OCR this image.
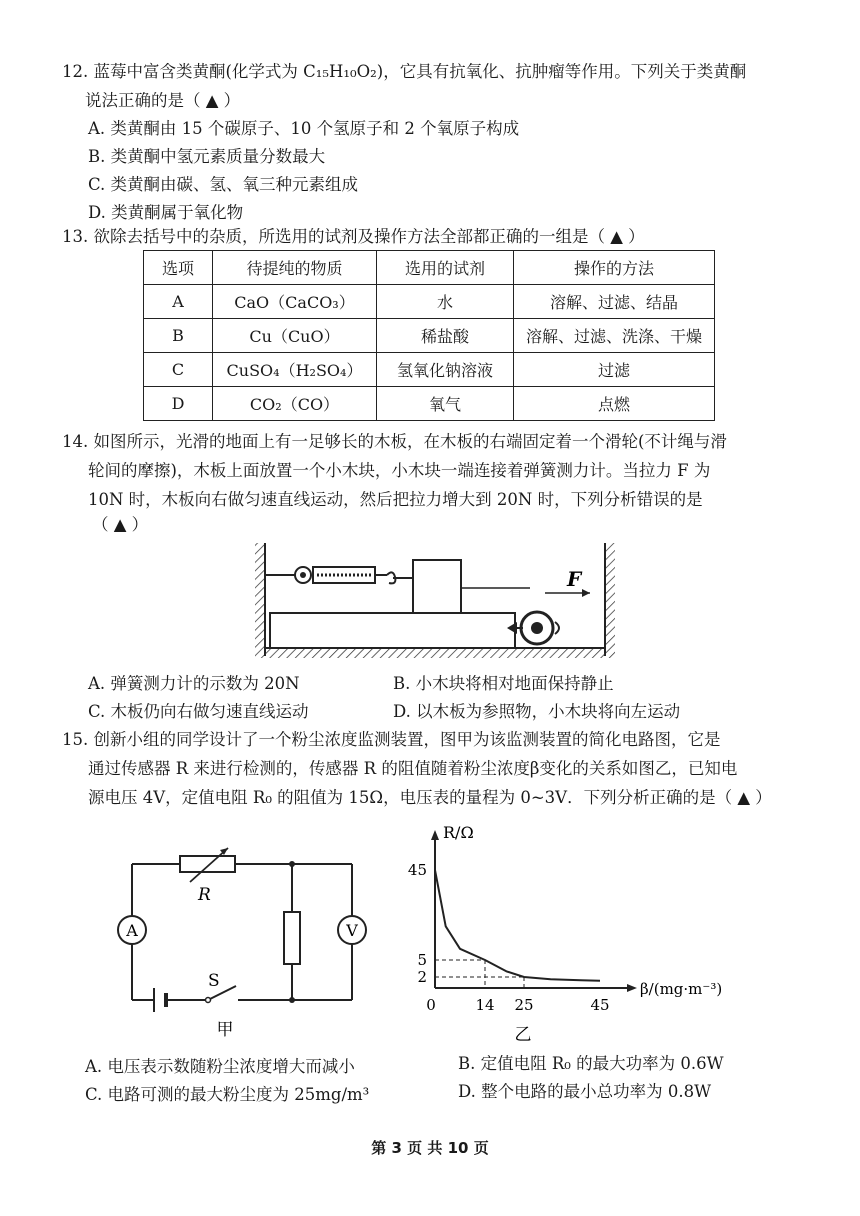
12. 蓝莓中富含类黄酮(化学式为 C₁₅H₁₀O₂)，它具有抗氧化、抗肿瘤等作用。下列关于类黄酮
说法正确的是（ ▲ ）
A. 类黄酮由 15 个碳原子、10 个氢原子和 2 个氧原子构成
B. 类黄酮中氢元素质量分数最大
C. 类黄酮由碳、氢、氧三种元素组成
D. 类黄酮属于氧化物
13. 欲除去括号中的杂质，所选用的试剂及操作方法全部都正确的一组是（ ▲ ）
选项	待提纯的物质	选用的试剂	操作的方法
A	CaO（CaCO₃）	水	溶解、过滤、结晶
B	Cu（CuO）	稀盐酸	溶解、过滤、洗涤、干燥
C	CuSO₄（H₂SO₄）	氢氧化钠溶液	过滤
D	CO₂（CO）	氧气	点燃
14. 如图所示，光滑的地面上有一足够长的木板，在木板的右端固定着一个滑轮(不计绳与滑
轮间的摩擦)，木板上面放置一个小木块，小木块一端连接着弹簧测力计。当拉力 F 为
10N 时，木板向右做匀速直线运动，然后把拉力增大到 20N 时，下列分析错误的是
（ ▲ ）
F
A. 弹簧测力计的示数为 20N	B. 小木块将相对地面保持静止
C. 木板仍向右做匀速直线运动	D. 以木板为参照物，小木块将向左运动
15. 创新小组的同学设计了一个粉尘浓度监测装置，图甲为该监测装置的简化电路图，它是
通过传感器 R 来进行检测的，传感器 R 的阻值随着粉尘浓度β变化的关系如图乙，已知电
源电压 4V，定值电阻 R₀ 的阻值为 15Ω，电压表的量程为 0~3V．下列分析正确的是（ ▲ ）
R
A	V
S
甲
R/Ω
β/(mg·m⁻³)
0	14 25	45
45
5
2
乙
A. 电压表示数随粉尘浓度增大而减小	B. 定值电阻 R₀ 的最大功率为 0.6W
C. 电路可测的最大粉尘度为 25mg/m³	D. 整个电路的最小总功率为 0.8W
第 3 页 共 10 页
